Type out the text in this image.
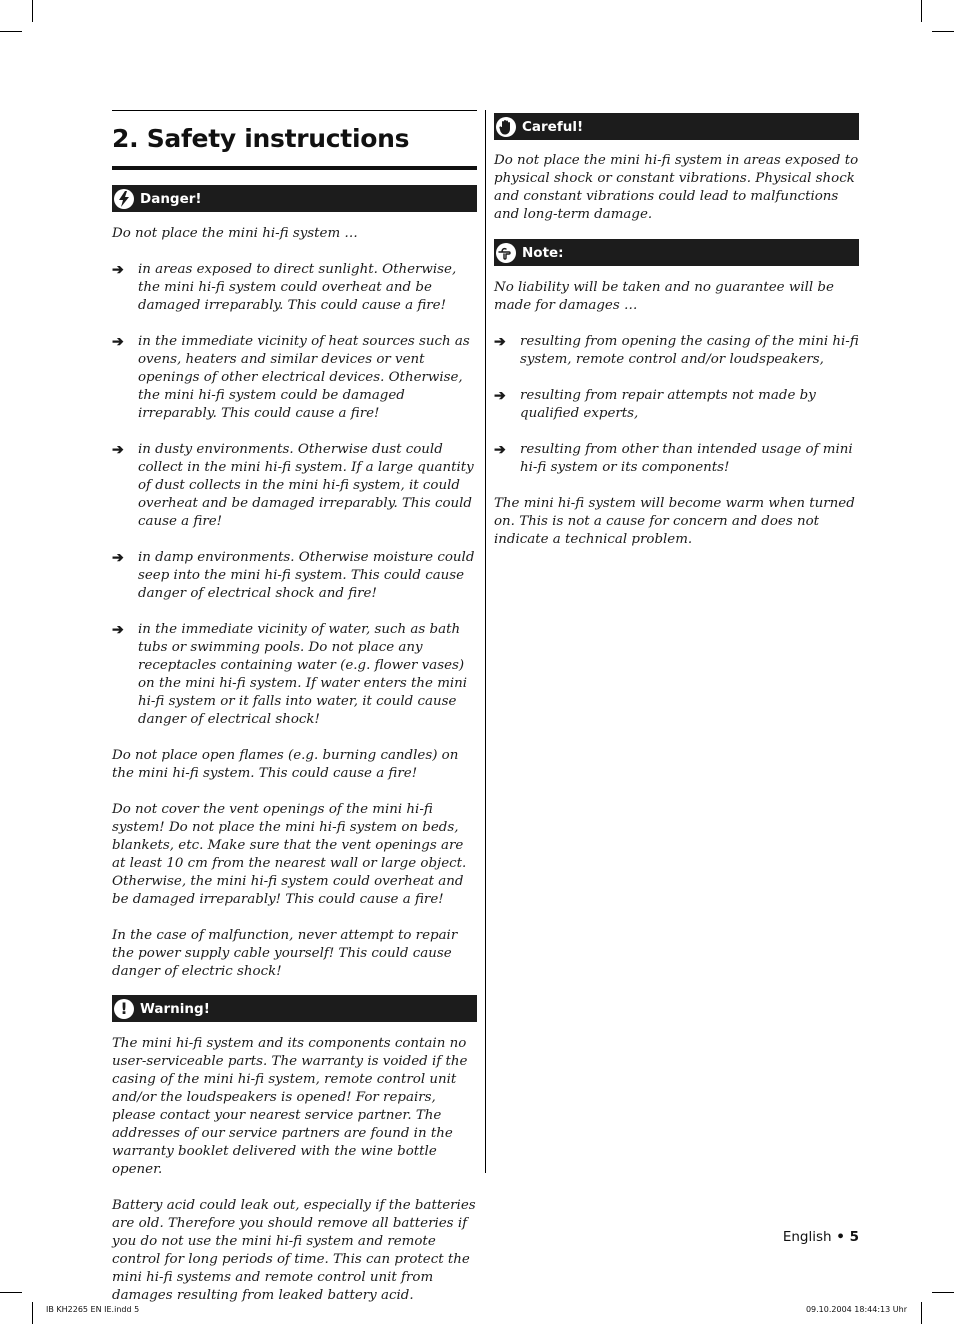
2. Safety instructions
Danger!

Do not place the mini hi-fi system …

➔ in areas exposed to direct sunlight. Otherwise, the mini hi-fi system could overheat and be damaged irreparably. This could cause a fire!
➔ in the immediate vicinity of heat sources such as ovens, heaters and similar devices or vent openings of other electrical devices. Otherwise, the mini hi-fi system could be damaged irreparably. This could cause a fire!
➔ in dusty environments. Otherwise dust could collect in the mini hi-fi system. If a large quantity of dust collects in the mini hi-fi system, it could overheat and be damaged irreparably. This could cause a fire!
➔ in damp environments. Otherwise moisture could seep into the mini hi-fi system. This could cause danger of electrical shock and fire!
➔ in the immediate vicinity of water, such as bath tubs or swimming pools. Do not place any receptacles containing water (e.g. flower vases) on the mini hi-fi system. If water enters the mini hi-fi system or it falls into water, it could cause danger of electrical shock!

Do not place open flames (e.g. burning candles) on the mini hi-fi system. This could cause a fire!

Do not cover the vent openings of the mini hi-fi system! Do not place the mini hi-fi system on beds, blankets, etc. Make sure that the vent openings are at least 10 cm from the nearest wall or large object. Otherwise, the mini hi-fi system could overheat and be damaged irreparably! This could cause a fire!

In the case of malfunction, never attempt to repair the power supply cable yourself! This could cause danger of electric shock!

! Warning!

The mini hi-fi system and its components contain no user-serviceable parts. The warranty is voided if the casing of the mini hi-fi system, remote control unit and/or the loudspeakers is opened! For repairs, please contact your nearest service partner. The addresses of our service partners are found in the warranty booklet delivered with the wine bottle opener.

Battery acid could leak out, especially if the batteries are old. Therefore you should remove all batteries if you do not use the mini hi-fi system and remote control for long periods of time. This can protect the mini hi-fi systems and remote control unit from damages resulting from leaked battery acid.

Careful!

Do not place the mini hi-fi system in areas exposed to physical shock or constant vibrations. Physical shock and constant vibrations could lead to malfunctions and long-term damage.

Note:

No liability will be taken and no guarantee will be made for damages …

➔ resulting from opening the casing of the mini hi-fi system, remote control and/or loudspeakers,
➔ resulting from repair attempts not made by qualified experts,
➔ resulting from other than intended usage of mini hi-fi system or its components!

The mini hi-fi system will become warm when turned on. This is not a cause for concern and does not indicate a technical problem.

English • 5
IB KH2265 EN IE.indd 5	09.10.2004 18:44:13 Uhr
